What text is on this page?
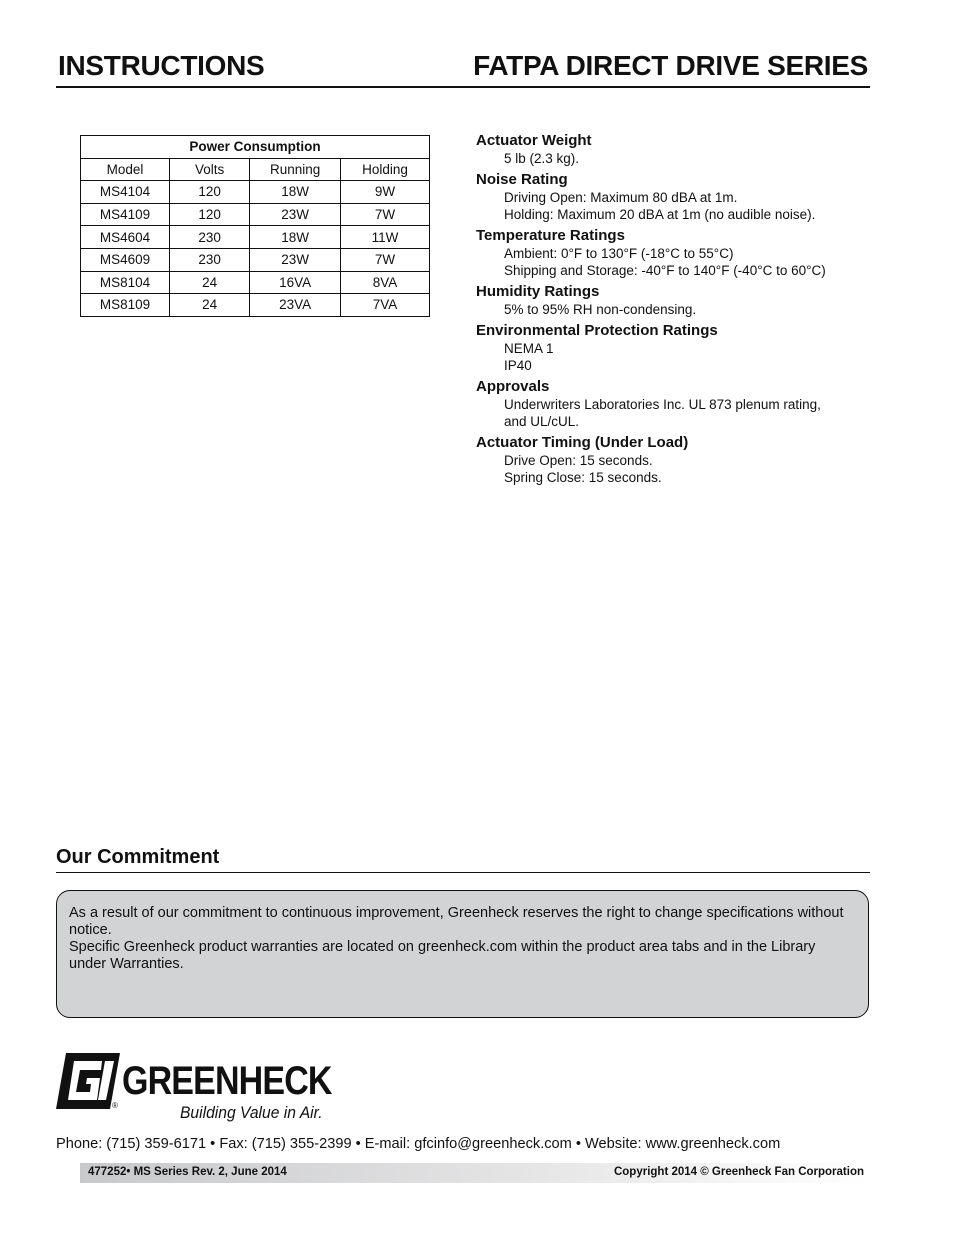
INSTRUCTIONS	FATPA DIRECT DRIVE SERIES
Power Consumption			
Model	Volts	Running	Holding
MS4104	120	18W	9W
MS4109	120	23W	7W
MS4604	230	18W	11W
MS4609	230	23W	7W
MS8104	24	16VA	8VA
MS8109	24	23VA	7VA
Actuator Weight
5 lb (2.3 kg).
Noise Rating
Driving Open: Maximum 80 dBA at 1m.
Holding: Maximum 20 dBA at 1m (no audible noise).
Temperature Ratings
Ambient: 0°F to 130°F (-18°C to 55°C)
Shipping and Storage: -40°F to 140°F (-40°C to 60°C)
Humidity Ratings
5% to 95% RH non-condensing.
Environmental Protection Ratings
NEMA 1
IP40
Approvals
Underwriters Laboratories Inc. UL 873 plenum rating,
and UL/cUL.
Actuator Timing (Under Load)
Drive Open: 15 seconds.
Spring Close: 15 seconds.
Our Commitment
As a result of our commitment to continuous improvement, Greenheck reserves the right to change specifications without notice.
Specific Greenheck product warranties are located on greenheck.com within the product area tabs and in the Library under Warranties.
®
GREENHECK
Building Value in Air.
Phone: (715) 359-6171 • Fax: (715) 355-2399 • E-mail: gfcinfo@greenheck.com • Website: www.greenheck.com
477252• MS Series Rev. 2, June 2014	Copyright 2014 © Greenheck Fan Corporation
